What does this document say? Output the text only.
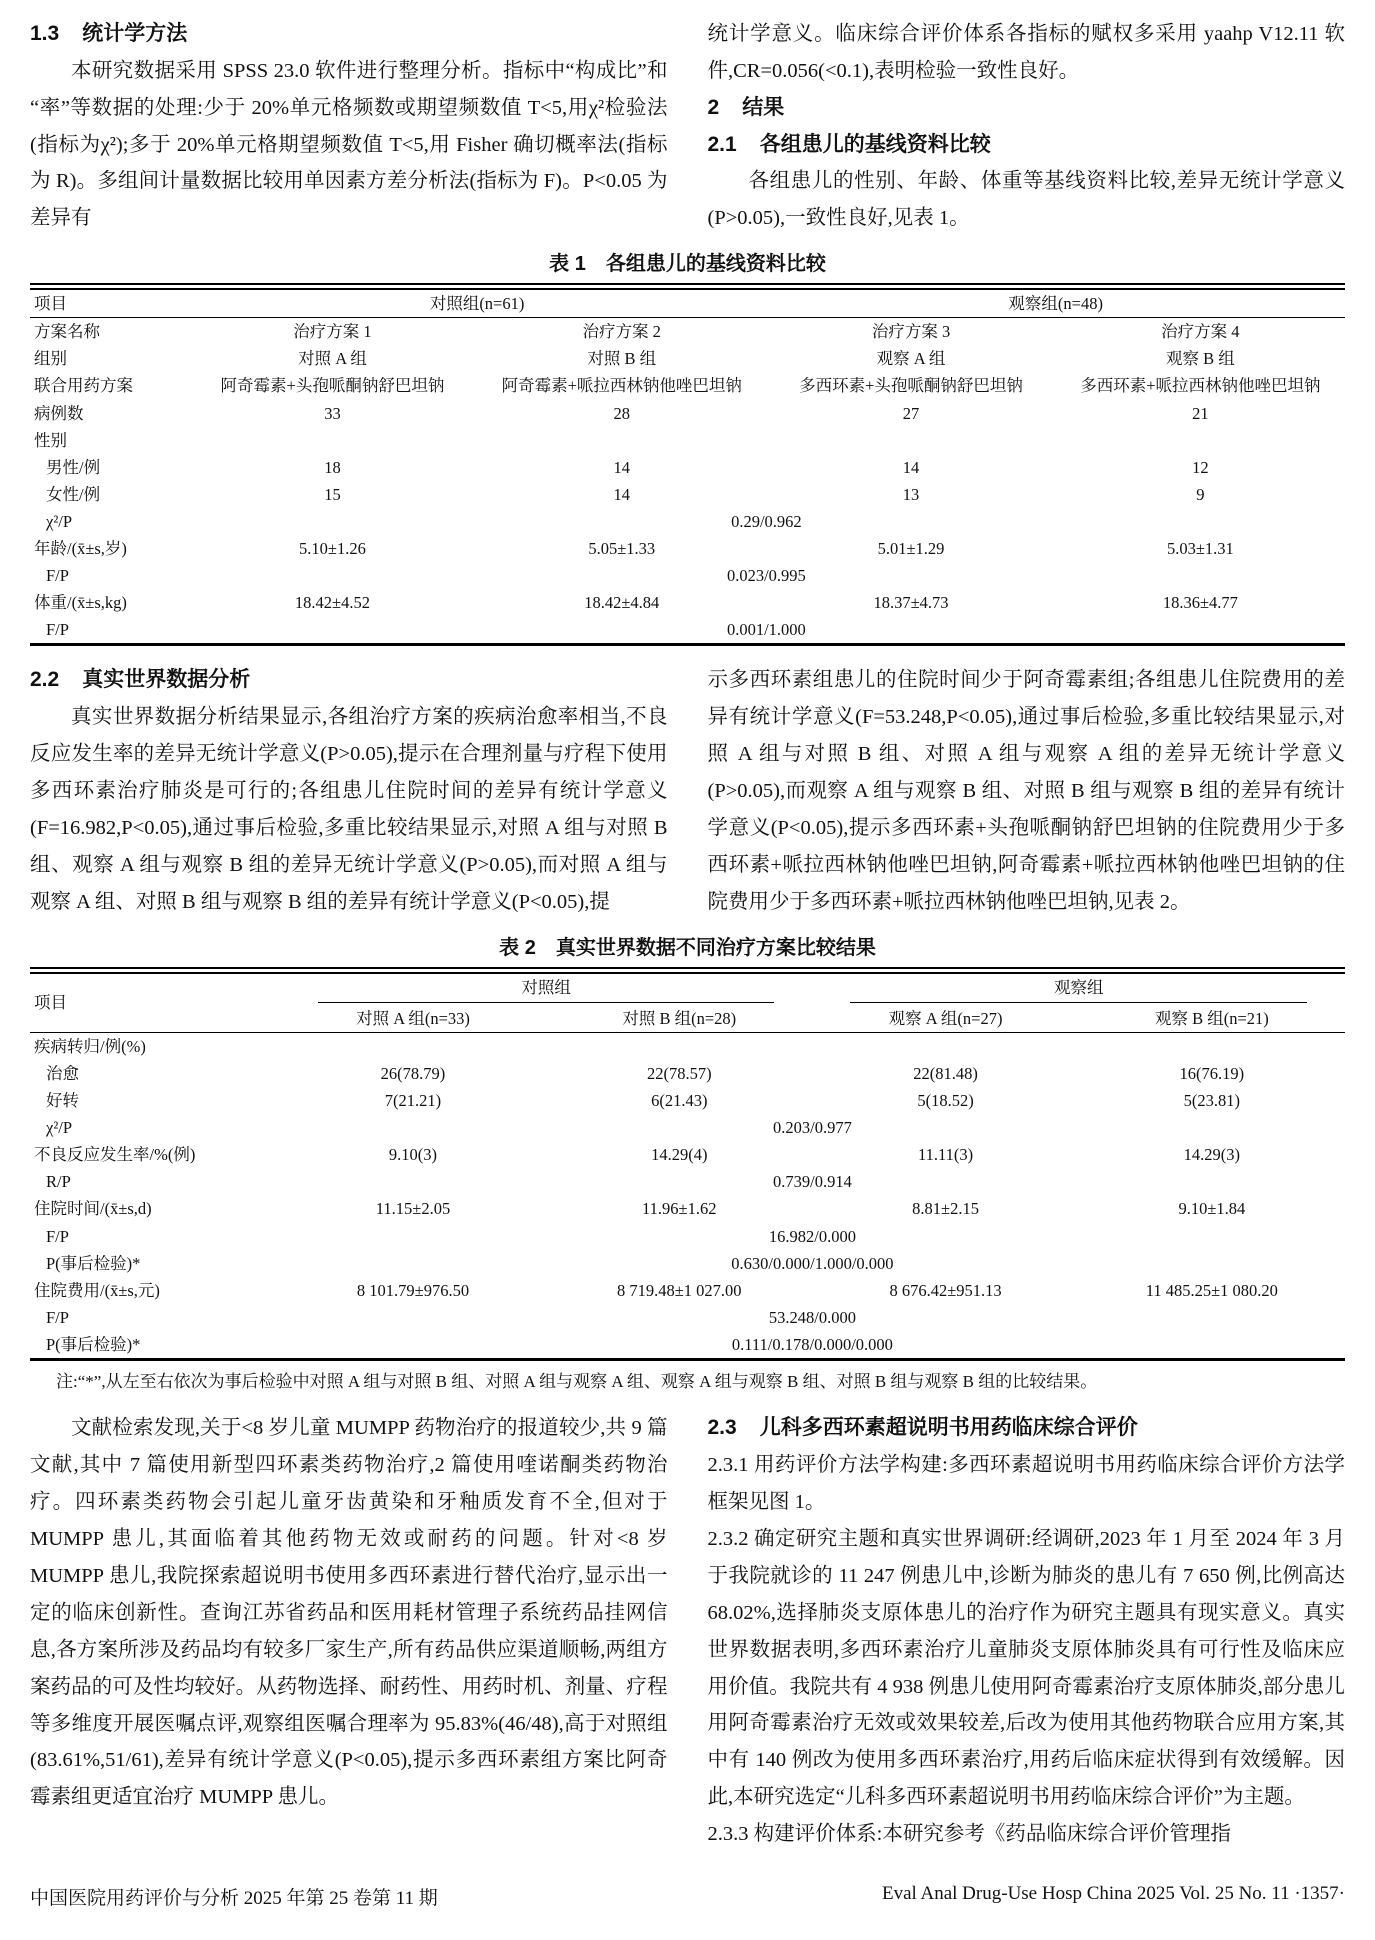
1.3 统计学方法

本研究数据采用 SPSS 23.0 软件进行整理分析。指标中“构成比”和“率”等数据的处理:少于 20%单元格频数或期望频数值 T<5,用χ²检验法(指标为χ²);多于 20%单元格期望频数值 T<5,用 Fisher 确切概率法(指标为 R)。多组间计量数据比较用单因素方差分析法(指标为 F)。P<0.05 为差异有

统计学意义。临床综合评价体系各指标的赋权多采用 yaahp V12.11 软件,CR=0.056(<0.1),表明检验一致性良好。

2 结果
2.1 各组患儿的基线资料比较

各组患儿的性别、年龄、体重等基线资料比较,差异无统计学意义(P>0.05),一致性良好,见表 1。

表 1 各组患儿的基线资料比较
项目	对照组(n=61)		观察组(n=48)	
方案名称	治疗方案 1	治疗方案 2	治疗方案 3	治疗方案 4
组别	对照 A 组	对照 B 组	观察 A 组	观察 B 组
联合用药方案	阿奇霉素+头孢哌酮钠舒巴坦钠	阿奇霉素+哌拉西林钠他唑巴坦钠	多西环素+头孢哌酮钠舒巴坦钠	多西环素+哌拉西林钠他唑巴坦钠
病例数	33	28	27	21
性别				
男性/例	18	14	14	12
女性/例	15	14	13	9
χ²/P	0.29/0.962			
年龄/(x̄±s,岁)	5.10±1.26	5.05±1.33	5.01±1.29	5.03±1.31
F/P	0.023/0.995			
体重/(x̄±s,kg)	18.42±4.52	18.42±4.84	18.37±4.73	18.36±4.77
F/P	0.001/1.000			
2.2 真实世界数据分析

真实世界数据分析结果显示,各组治疗方案的疾病治愈率相当,不良反应发生率的差异无统计学意义(P>0.05),提示在合理剂量与疗程下使用多西环素治疗肺炎是可行的;各组患儿住院时间的差异有统计学意义(F=16.982,P<0.05),通过事后检验,多重比较结果显示,对照 A 组与对照 B 组、观察 A 组与观察 B 组的差异无统计学意义(P>0.05),而对照 A 组与观察 A 组、对照 B 组与观察 B 组的差异有统计学意义(P<0.05),提

示多西环素组患儿的住院时间少于阿奇霉素组;各组患儿住院费用的差异有统计学意义(F=53.248,P<0.05),通过事后检验,多重比较结果显示,对照 A 组与对照 B 组、对照 A 组与观察 A 组的差异无统计学意义(P>0.05),而观察 A 组与观察 B 组、对照 B 组与观察 B 组的差异有统计学意义(P<0.05),提示多西环素+头孢哌酮钠舒巴坦钠的住院费用少于多西环素+哌拉西林钠他唑巴坦钠,阿奇霉素+哌拉西林钠他唑巴坦钠的住院费用少于多西环素+哌拉西林钠他唑巴坦钠,见表 2。

表 2 真实世界数据不同治疗方案比较结果
项目	对照组		观察组	

	对照 A 组(n=33)	对照 B 组(n=28)	观察 A 组(n=27)	观察 B 组(n=21)
疾病转归/例(%)				
治愈	26(78.79)	22(78.57)	22(81.48)	16(76.19)
好转	7(21.21)	6(21.43)	5(18.52)	5(23.81)
χ²/P	0.203/0.977			
不良反应发生率/%(例)	9.10(3)	14.29(4)	11.11(3)	14.29(3)
R/P	0.739/0.914			
住院时间/(x̄±s,d)	11.15±2.05	11.96±1.62	8.81±2.15	9.10±1.84
F/P	16.982/0.000			
P(事后检验)*	0.630/0.000/1.000/0.000			
住院费用/(x̄±s,元)	8 101.79±976.50	8 719.48±1 027.00	8 676.42±951.13	11 485.25±1 080.20
F/P	53.248/0.000			
P(事后检验)*	0.111/0.178/0.000/0.000			
注:“*”,从左至右依次为事后检验中对照 A 组与对照 B 组、对照 A 组与观察 A 组、观察 A 组与观察 B 组、对照 B 组与观察 B 组的比较结果。

文献检索发现,关于<8 岁儿童 MUMPP 药物治疗的报道较少,共 9 篇文献,其中 7 篇使用新型四环素类药物治疗,2 篇使用喹诺酮类药物治疗。四环素类药物会引起儿童牙齿黄染和牙釉质发育不全,但对于 MUMPP 患儿,其面临着其他药物无效或耐药的问题。针对<8 岁 MUMPP 患儿,我院探索超说明书使用多西环素进行替代治疗,显示出一定的临床创新性。查询江苏省药品和医用耗材管理子系统药品挂网信息,各方案所涉及药品均有较多厂家生产,所有药品供应渠道顺畅,两组方案药品的可及性均较好。从药物选择、耐药性、用药时机、剂量、疗程等多维度开展医嘱点评,观察组医嘱合理率为 95.83%(46/48),高于对照组(83.61%,51/61),差异有统计学意义(P<0.05),提示多西环素组方案比阿奇霉素组更适宜治疗 MUMPP 患儿。

2.3 儿科多西环素超说明书用药临床综合评价

2.3.1 用药评价方法学构建:多西环素超说明书用药临床综合评价方法学框架见图 1。

2.3.2 确定研究主题和真实世界调研:经调研,2023 年 1 月至 2024 年 3 月于我院就诊的 11 247 例患儿中,诊断为肺炎的患儿有 7 650 例,比例高达 68.02%,选择肺炎支原体患儿的治疗作为研究主题具有现实意义。真实世界数据表明,多西环素治疗儿童肺炎支原体肺炎具有可行性及临床应用价值。我院共有 4 938 例患儿使用阿奇霉素治疗支原体肺炎,部分患儿用阿奇霉素治疗无效或效果较差,后改为使用其他药物联合应用方案,其中有 140 例改为使用多西环素治疗,用药后临床症状得到有效缓解。因此,本研究选定“儿科多西环素超说明书用药临床综合评价”为主题。

2.3.3 构建评价体系:本研究参考《药品临床综合评价管理指

中国医院用药评价与分析 2025 年第 25 卷第 11 期	Eval Anal Drug-Use Hosp China 2025 Vol. 25 No. 11 ·1357·
